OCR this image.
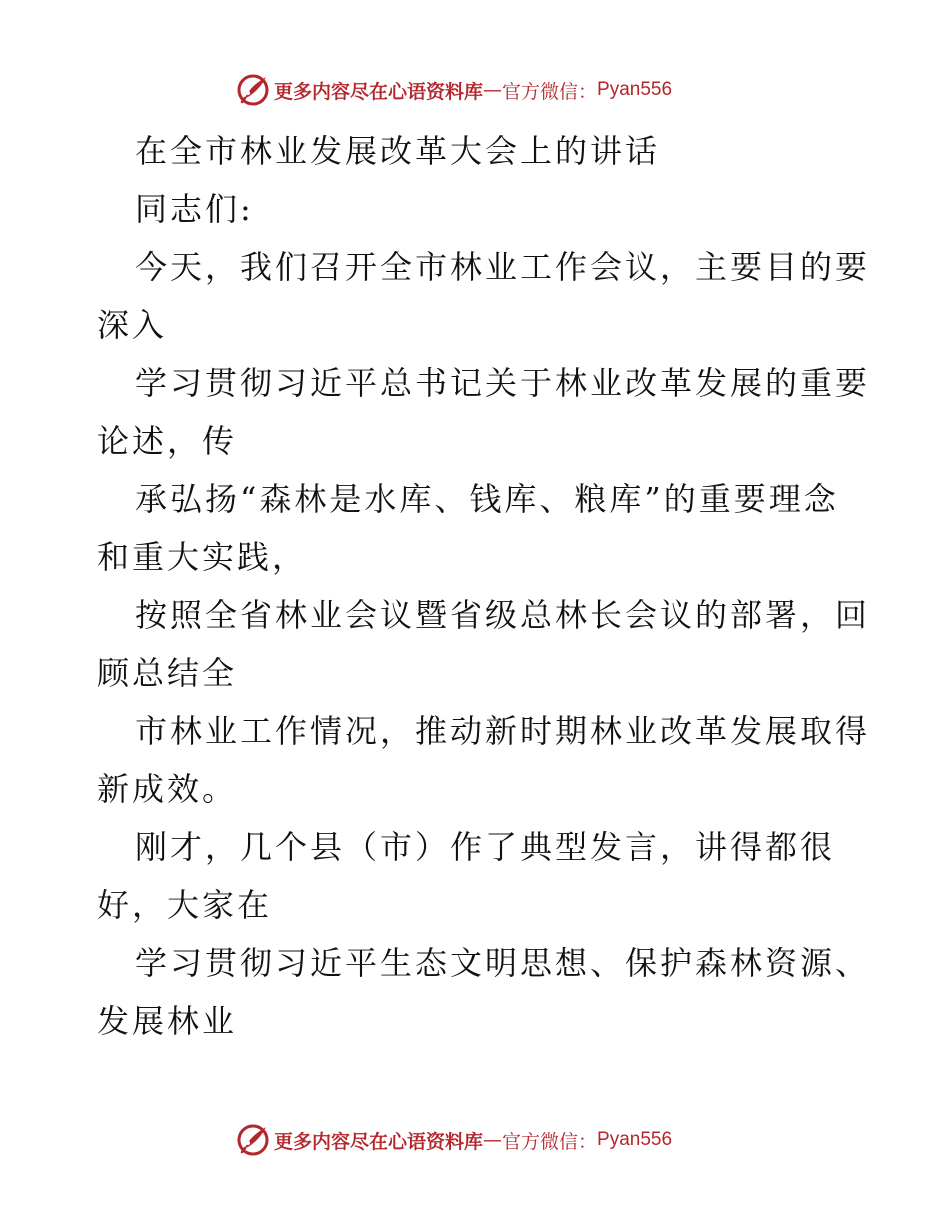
更多内容尽在心语资料库 — 官方微信： Pyan556
在全市林业发展改革大会上的讲话
同志们:
今天，我们召开全市林业工作会议，主要目的要
深入
学习贯彻习近平总书记关于林业改革发展的重要
论述，传
承弘扬“森林是水库、钱库、粮库”的重要理念
和重大实践，
按照全省林业会议暨省级总林长会议的部署，回
顾总结全
市林业工作情况，推动新时期林业改革发展取得
新成效。
刚才，几个县（市）作了典型发言，讲得都很
好，大家在
学习贯彻习近平生态文明思想、保护森林资源、
发展林业
更多内容尽在心语资料库 — 官方微信： Pyan556
